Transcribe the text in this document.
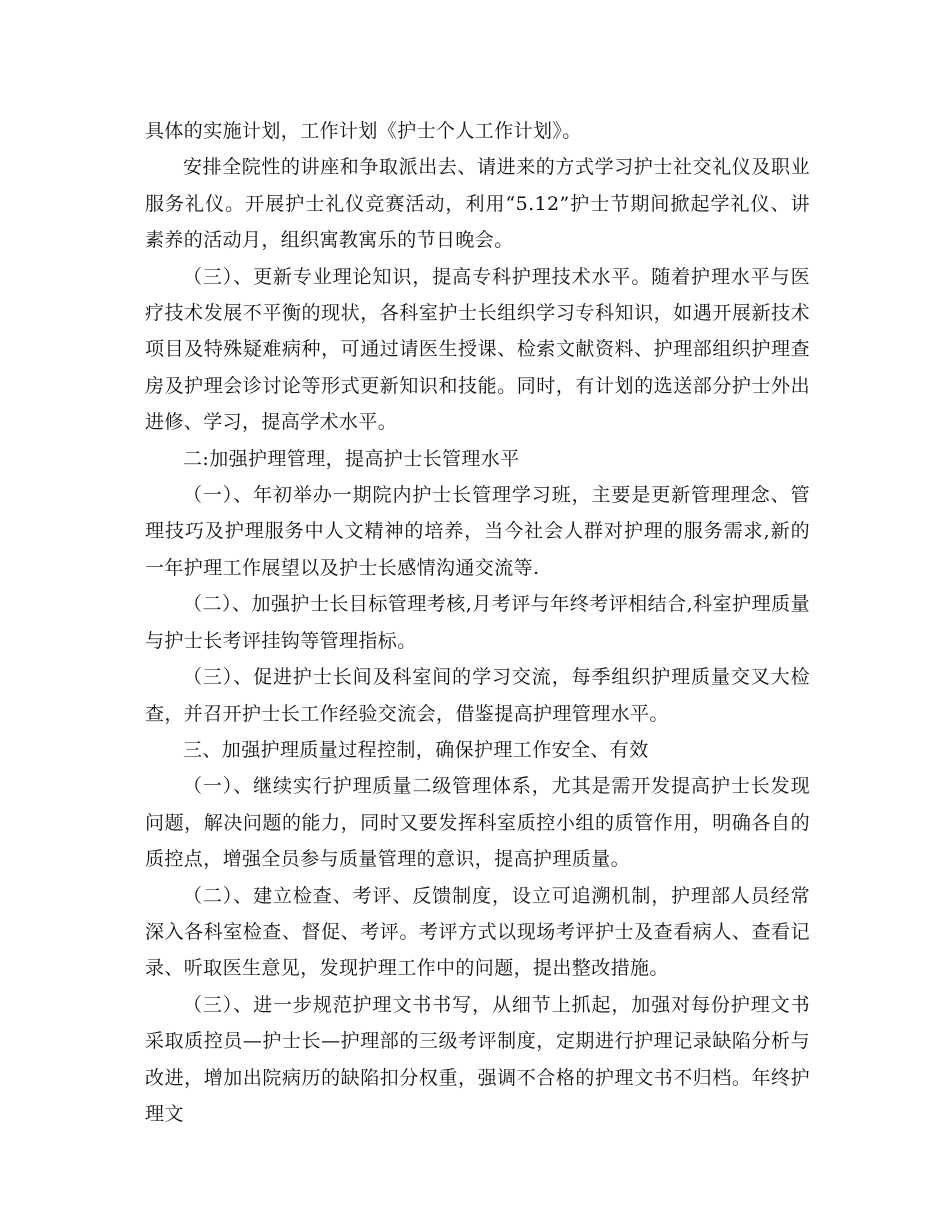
具体的实施计划，工作计划《护士个人工作计划》。

安排全院性的讲座和争取派出去、请进来的方式学习护士社交礼仪及职业服务礼仪。开展护士礼仪竞赛活动，利用“5.12”护士节期间掀起学礼仪、讲素养的活动月，组织寓教寓乐的节日晚会。

（三）、更新专业理论知识，提高专科护理技术水平。随着护理水平与医疗技术发展不平衡的现状，各科室护士长组织学习专科知识，如遇开展新技术项目及特殊疑难病种，可通过请医生授课、检索文献资料、护理部组织护理查房及护理会诊讨论等形式更新知识和技能。同时，有计划的选送部分护士外出进修、学习，提高学术水平。

二:加强护理管理，提高护士长管理水平

（一）、年初举办一期院内护士长管理学习班，主要是更新管理理念、管理技巧及护理服务中人文精神的培养，当今社会人群对护理的服务需求,新的一年护理工作展望以及护士长感情沟通交流等.

（二）、加强护士长目标管理考核,月考评与年终考评相结合,科室护理质量与护士长考评挂钩等管理指标。

（三）、促进护士长间及科室间的学习交流，每季组织护理质量交叉大检查，并召开护士长工作经验交流会，借鉴提高护理管理水平。

三、加强护理质量过程控制，确保护理工作安全、有效

（一）、继续实行护理质量二级管理体系，尤其是需开发提高护士长发现问题，解决问题的能力，同时又要发挥科室质控小组的质管作用，明确各自的质控点，增强全员参与质量管理的意识，提高护理质量。

（二）、建立检查、考评、反馈制度，设立可追溯机制，护理部人员经常深入各科室检查、督促、考评。考评方式以现场考评护士及查看病人、查看记录、听取医生意见，发现护理工作中的问题，提出整改措施。

（三）、进一步规范护理文书书写，从细节上抓起，加强对每份护理文书采取质控员—护士长—护理部的三级考评制度，定期进行护理记录缺陷分析与改进，增加出院病历的缺陷扣分权重，强调不合格的护理文书不归档。年终护理文
